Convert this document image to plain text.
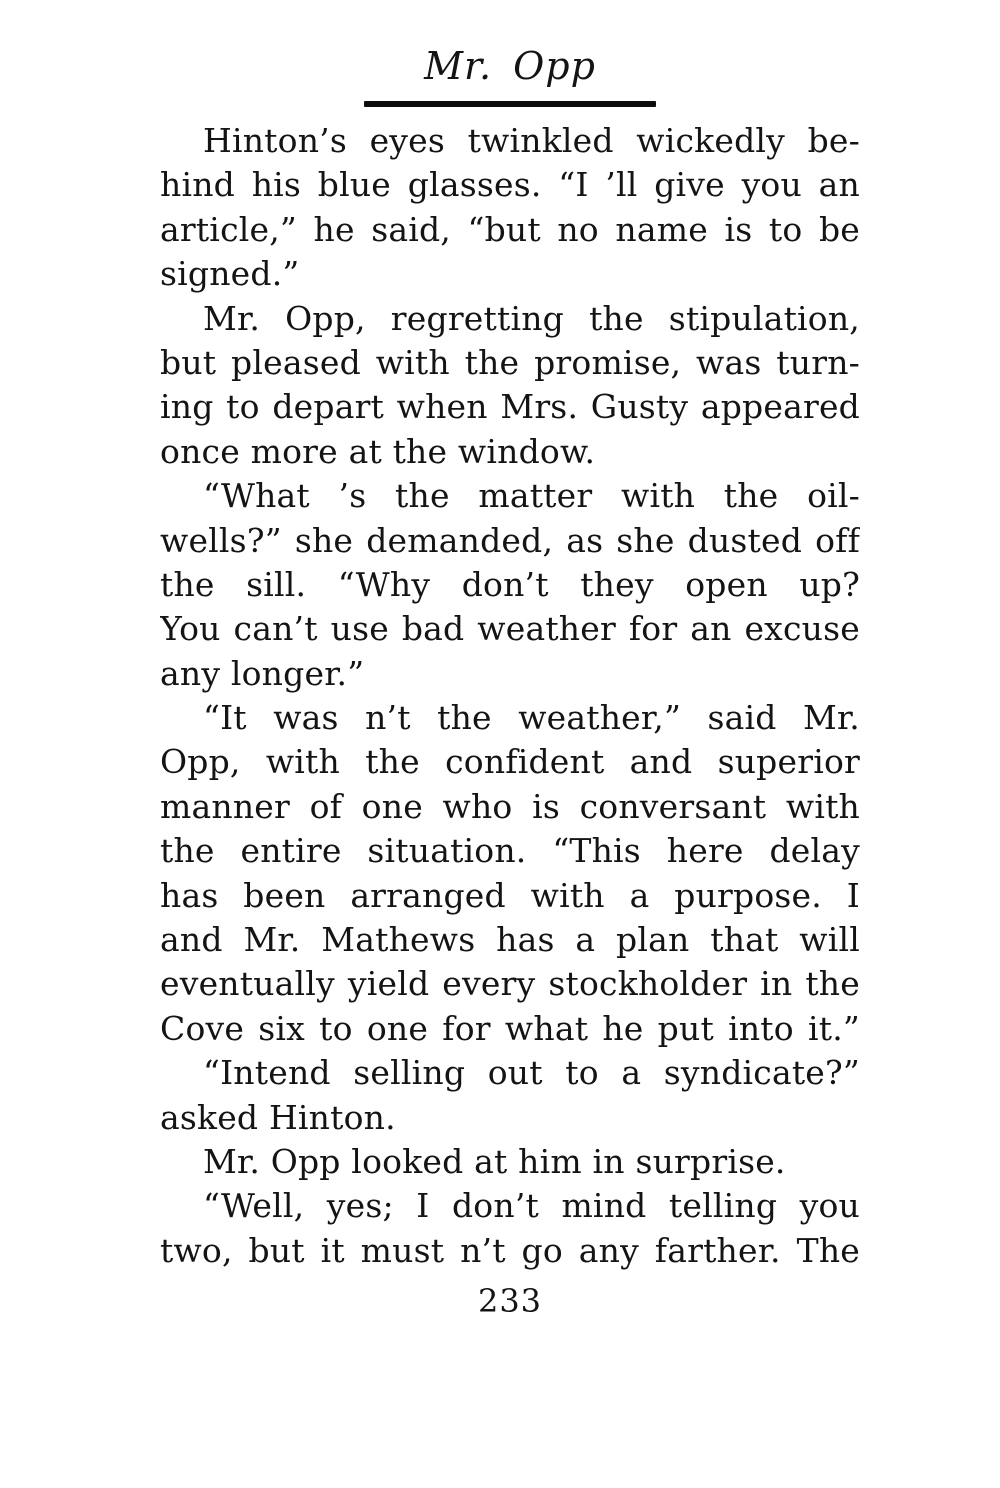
Mr. Opp
Hinton’s eyes twinkled wickedly be-
hind his blue glasses. “I ’ll give you an
article,” he said, “but no name is to be
signed.”
Mr. Opp, regretting the stipulation,
but pleased with the promise, was turn-
ing to depart when Mrs. Gusty appeared
once more at the window.
“What ’s the matter with the oil-
wells?” she demanded, as she dusted off
the sill. “Why don’t they open up?
You can’t use bad weather for an excuse
any longer.”
“It was n’t the weather,” said Mr.
Opp, with the confident and superior
manner of one who is conversant with
the entire situation. “This here delay
has been arranged with a purpose. I
and Mr. Mathews has a plan that will
eventually yield every stockholder in the
Cove six to one for what he put into it.”
“Intend selling out to a syndicate?”
asked Hinton.
Mr. Opp looked at him in surprise.
“Well, yes; I don’t mind telling you
two, but it must n’t go any farther. The
233
